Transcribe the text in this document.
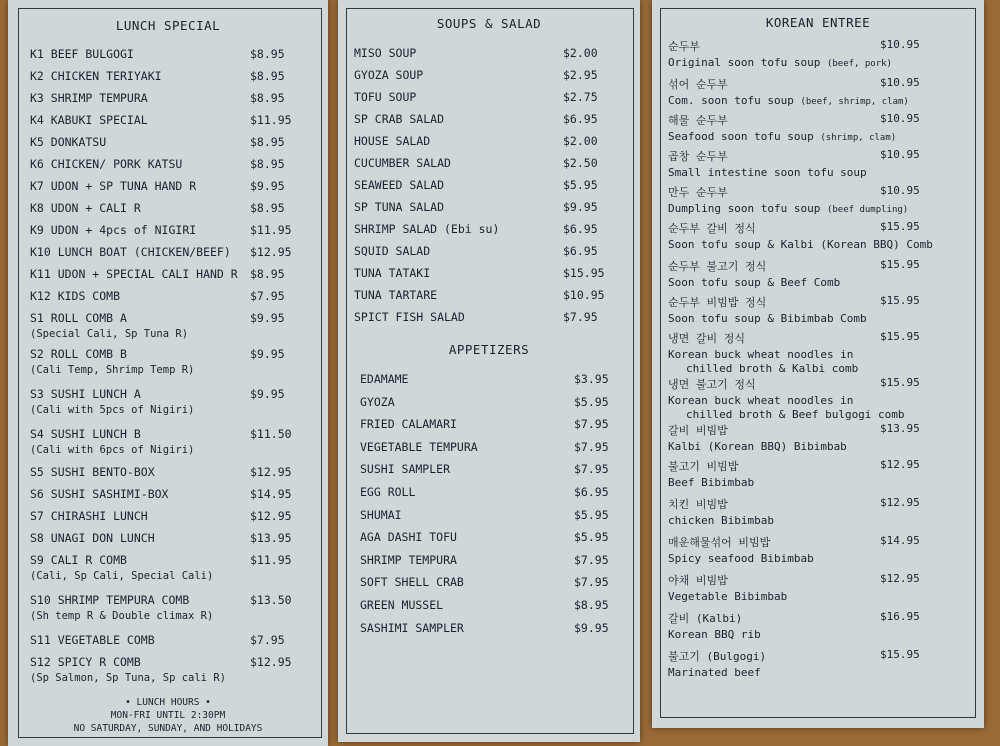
LUNCH SPECIAL
K1 BEEF BULGOGI	$8.95
K2 CHICKEN TERIYAKI	$8.95
K3 SHRIMP TEMPURA	$8.95
K4 KABUKI SPECIAL	$11.95
K5 DONKATSU	$8.95
K6 CHICKEN/ PORK KATSU	$8.95
K7 UDON + SP TUNA HAND R	$9.95
K8 UDON + CALI R	$8.95
K9 UDON + 4pcs of NIGIRI	$11.95
K10 LUNCH BOAT (CHICKEN/BEEF) $12.95
K11 UDON + SPECIAL CALI HAND R $8.95
K12 KIDS COMB	$7.95
S1 ROLL COMB A	$9.95
(Special Cali, Sp Tuna R)
S2 ROLL COMB B	$9.95
(Cali Temp, Shrimp Temp R)
S3 SUSHI LUNCH A	$9.95
(Cali with 5pcs of Nigiri)
S4 SUSHI LUNCH B	$11.50
(Cali with 6pcs of Nigiri)
S5 SUSHI BENTO-BOX	$12.95
S6 SUSHI SASHIMI-BOX	$14.95
S7 CHIRASHI LUNCH	$12.95
S8 UNAGI DON LUNCH	$13.95
S9 CALI R COMB	$11.95
(Cali, Sp Cali, Special Cali)
S10 SHRIMP TEMPURA COMB	$13.50
(Sh temp R & Double climax R)
S11 VEGETABLE COMB	$7.95
S12 SPICY R COMB	$12.95
(Sp Salmon, Sp Tuna, Sp cali R)
• LUNCH HOURS •
MON-FRI UNTIL 2:30PM
NO SATURDAY, SUNDAY, AND HOLIDAYS
SOUPS & SALAD
MISO SOUP	$2.00
GYOZA SOUP	$2.95
TOFU SOUP	$2.75
SP CRAB SALAD	$6.95
HOUSE SALAD	$2.00
CUCUMBER SALAD	$2.50
SEAWEED SALAD	$5.95
SP TUNA SALAD	$9.95
SHRIMP SALAD (Ebi su)	$6.95
SQUID SALAD	$6.95
TUNA TATAKI	$15.95
TUNA TARTARE	$10.95
SPICT FISH SALAD	$7.95
APPETIZERS
EDAMAME	$3.95
GYOZA	$5.95
FRIED CALAMARI	$7.95
VEGETABLE TEMPURA	$7.95
SUSHI SAMPLER	$7.95
EGG ROLL	$6.95
SHUMAI	$5.95
AGA DASHI TOFU	$5.95
SHRIMP TEMPURA	$7.95
SOFT SHELL CRAB	$7.95
GREEN MUSSEL	$8.95
SASHIMI SAMPLER	$9.95
KOREAN ENTREE
순두부	$10.95
Original soon tofu soup (beef, pork)
섞어 순두부	$10.95
Com. soon tofu soup (beef, shrimp, clam)
해물 순두부	$10.95
Seafood soon tofu soup (shrimp, clam)
곱창 순두부	$10.95
Small intestine soon tofu soup
만두 순두부	$10.95
Dumpling soon tofu soup (beef dumpling)
순두부 갈비 정식	$15.95
Soon tofu soup & Kalbi (Korean BBQ) Comb
순두부 불고기 정식	$15.95
Soon tofu soup & Beef Comb
순두부 비빔밥 정식	$15.95
Soon tofu soup & Bibimbab Comb
냉면 갈비 정식	$15.95
Korean buck wheat noodles in
chilled broth & Kalbi comb
냉면 불고기 정식	$15.95
Korean buck wheat noodles in
chilled broth & Beef bulgogi comb
갈비 비빔밥	$13.95
Kalbi (Korean BBQ) Bibimbab
불고기 비빔밥	$12.95
Beef Bibimbab
치킨 비빔밥	$12.95
chicken Bibimbab
매운해물섞어 비빔밥	$14.95
Spicy seafood Bibimbab
야채 비빔밥	$12.95
Vegetable Bibimbab
갈비 (Kalbi)	$16.95
Korean BBQ rib
불고기 (Bulgogi)	$15.95
Marinated beef
